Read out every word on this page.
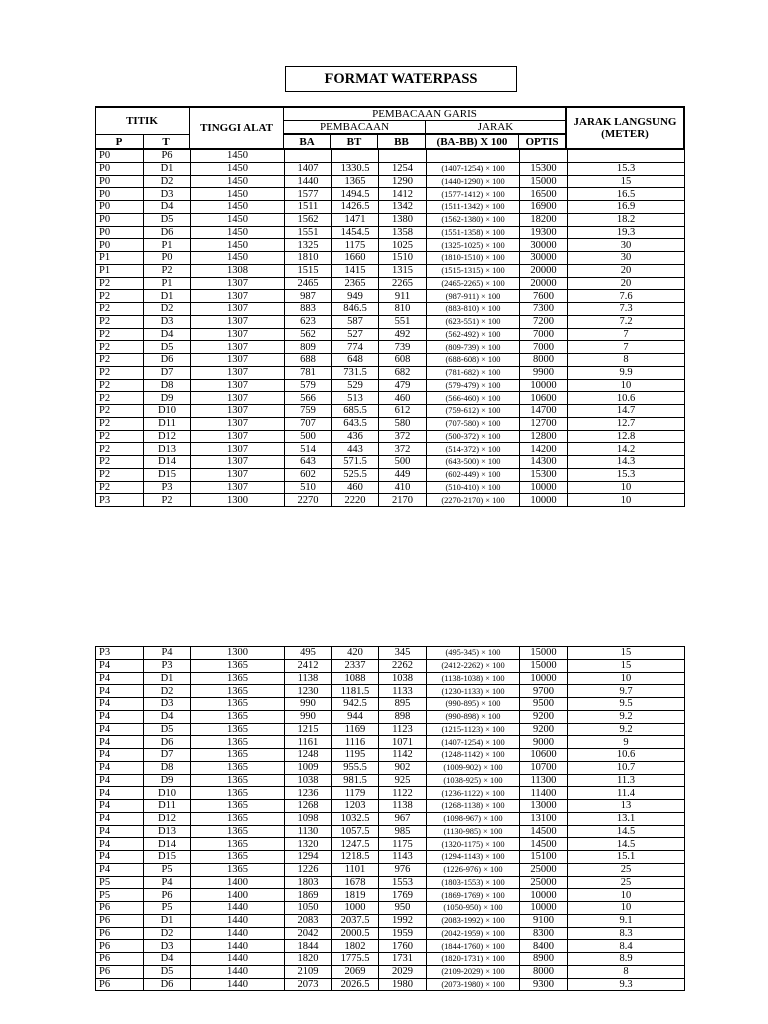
FORMAT WATERPASS
TITIK
P	T
TINGGI ALAT
PEMBACAAN GARIS
PEMBACAAN	JARAK
BA	BT	BB	(BA-BB) X 100	OPTIS
JARAK LANGSUNG (METER)
P0	P6	1450						
P0	D1	1450	1407	1330.5	1254	(1407-1254) × 100	15300	15.3
P0	D2	1450	1440	1365	1290	(1440-1290) × 100	15000	15
P0	D3	1450	1577	1494.5	1412	(1577-1412) × 100	16500	16.5
P0	D4	1450	1511	1426.5	1342	(1511-1342) × 100	16900	16.9
P0	D5	1450	1562	1471	1380	(1562-1380) × 100	18200	18.2
P0	D6	1450	1551	1454.5	1358	(1551-1358) × 100	19300	19.3
P0	P1	1450	1325	1175	1025	(1325-1025) × 100	30000	30
P1	P0	1450	1810	1660	1510	(1810-1510) × 100	30000	30
P1	P2	1308	1515	1415	1315	(1515-1315) × 100	20000	20
P2	P1	1307	2465	2365	2265	(2465-2265) × 100	20000	20
P2	D1	1307	987	949	911	(987-911) × 100	7600	7.6
P2	D2	1307	883	846.5	810	(883-810) × 100	7300	7.3
P2	D3	1307	623	587	551	(623-551) × 100	7200	7.2
P2	D4	1307	562	527	492	(562-492) × 100	7000	7
P2	D5	1307	809	774	739	(809-739) × 100	7000	7
P2	D6	1307	688	648	608	(688-608) × 100	8000	8
P2	D7	1307	781	731.5	682	(781-682) × 100	9900	9.9
P2	D8	1307	579	529	479	(579-479) × 100	10000	10
P2	D9	1307	566	513	460	(566-460) × 100	10600	10.6
P2	D10	1307	759	685.5	612	(759-612) × 100	14700	14.7
P2	D11	1307	707	643.5	580	(707-580) × 100	12700	12.7
P2	D12	1307	500	436	372	(500-372) × 100	12800	12.8
P2	D13	1307	514	443	372	(514-372) × 100	14200	14.2
P2	D14	1307	643	571.5	500	(643-500) × 100	14300	14.3
P2	D15	1307	602	525.5	449	(602-449) × 100	15300	15.3
P2	P3	1307	510	460	410	(510-410) × 100	10000	10
P3	P2	1300	2270	2220	2170	(2270-2170) × 100	10000	10
P3	P4	1300	495	420	345	(495-345) × 100	15000	15
P4	P3	1365	2412	2337	2262	(2412-2262) × 100	15000	15
P4	D1	1365	1138	1088	1038	(1138-1038) × 100	10000	10
P4	D2	1365	1230	1181.5	1133	(1230-1133) × 100	9700	9.7
P4	D3	1365	990	942.5	895	(990-895) × 100	9500	9.5
P4	D4	1365	990	944	898	(990-898) × 100	9200	9.2
P4	D5	1365	1215	1169	1123	(1215-1123) × 100	9200	9.2
P4	D6	1365	1161	1116	1071	(1407-1254) × 100	9000	9
P4	D7	1365	1248	1195	1142	(1248-1142) × 100	10600	10.6
P4	D8	1365	1009	955.5	902	(1009-902) × 100	10700	10.7
P4	D9	1365	1038	981.5	925	(1038-925) × 100	11300	11.3
P4	D10	1365	1236	1179	1122	(1236-1122) × 100	11400	11.4
P4	D11	1365	1268	1203	1138	(1268-1138) × 100	13000	13
P4	D12	1365	1098	1032.5	967	(1098-967) × 100	13100	13.1
P4	D13	1365	1130	1057.5	985	(1130-985) × 100	14500	14.5
P4	D14	1365	1320	1247.5	1175	(1320-1175) × 100	14500	14.5
P4	D15	1365	1294	1218.5	1143	(1294-1143) × 100	15100	15.1
P4	P5	1365	1226	1101	976	(1226-976) × 100	25000	25
P5	P4	1400	1803	1678	1553	(1803-1553) × 100	25000	25
P5	P6	1400	1869	1819	1769	(1869-1769) × 100	10000	10
P6	P5	1440	1050	1000	950	(1050-950) × 100	10000	10
P6	D1	1440	2083	2037.5	1992	(2083-1992) × 100	9100	9.1
P6	D2	1440	2042	2000.5	1959	(2042-1959) × 100	8300	8.3
P6	D3	1440	1844	1802	1760	(1844-1760) × 100	8400	8.4
P6	D4	1440	1820	1775.5	1731	(1820-1731) × 100	8900	8.9
P6	D5	1440	2109	2069	2029	(2109-2029) × 100	8000	8
P6	D6	1440	2073	2026.5	1980	(2073-1980) × 100	9300	9.3
